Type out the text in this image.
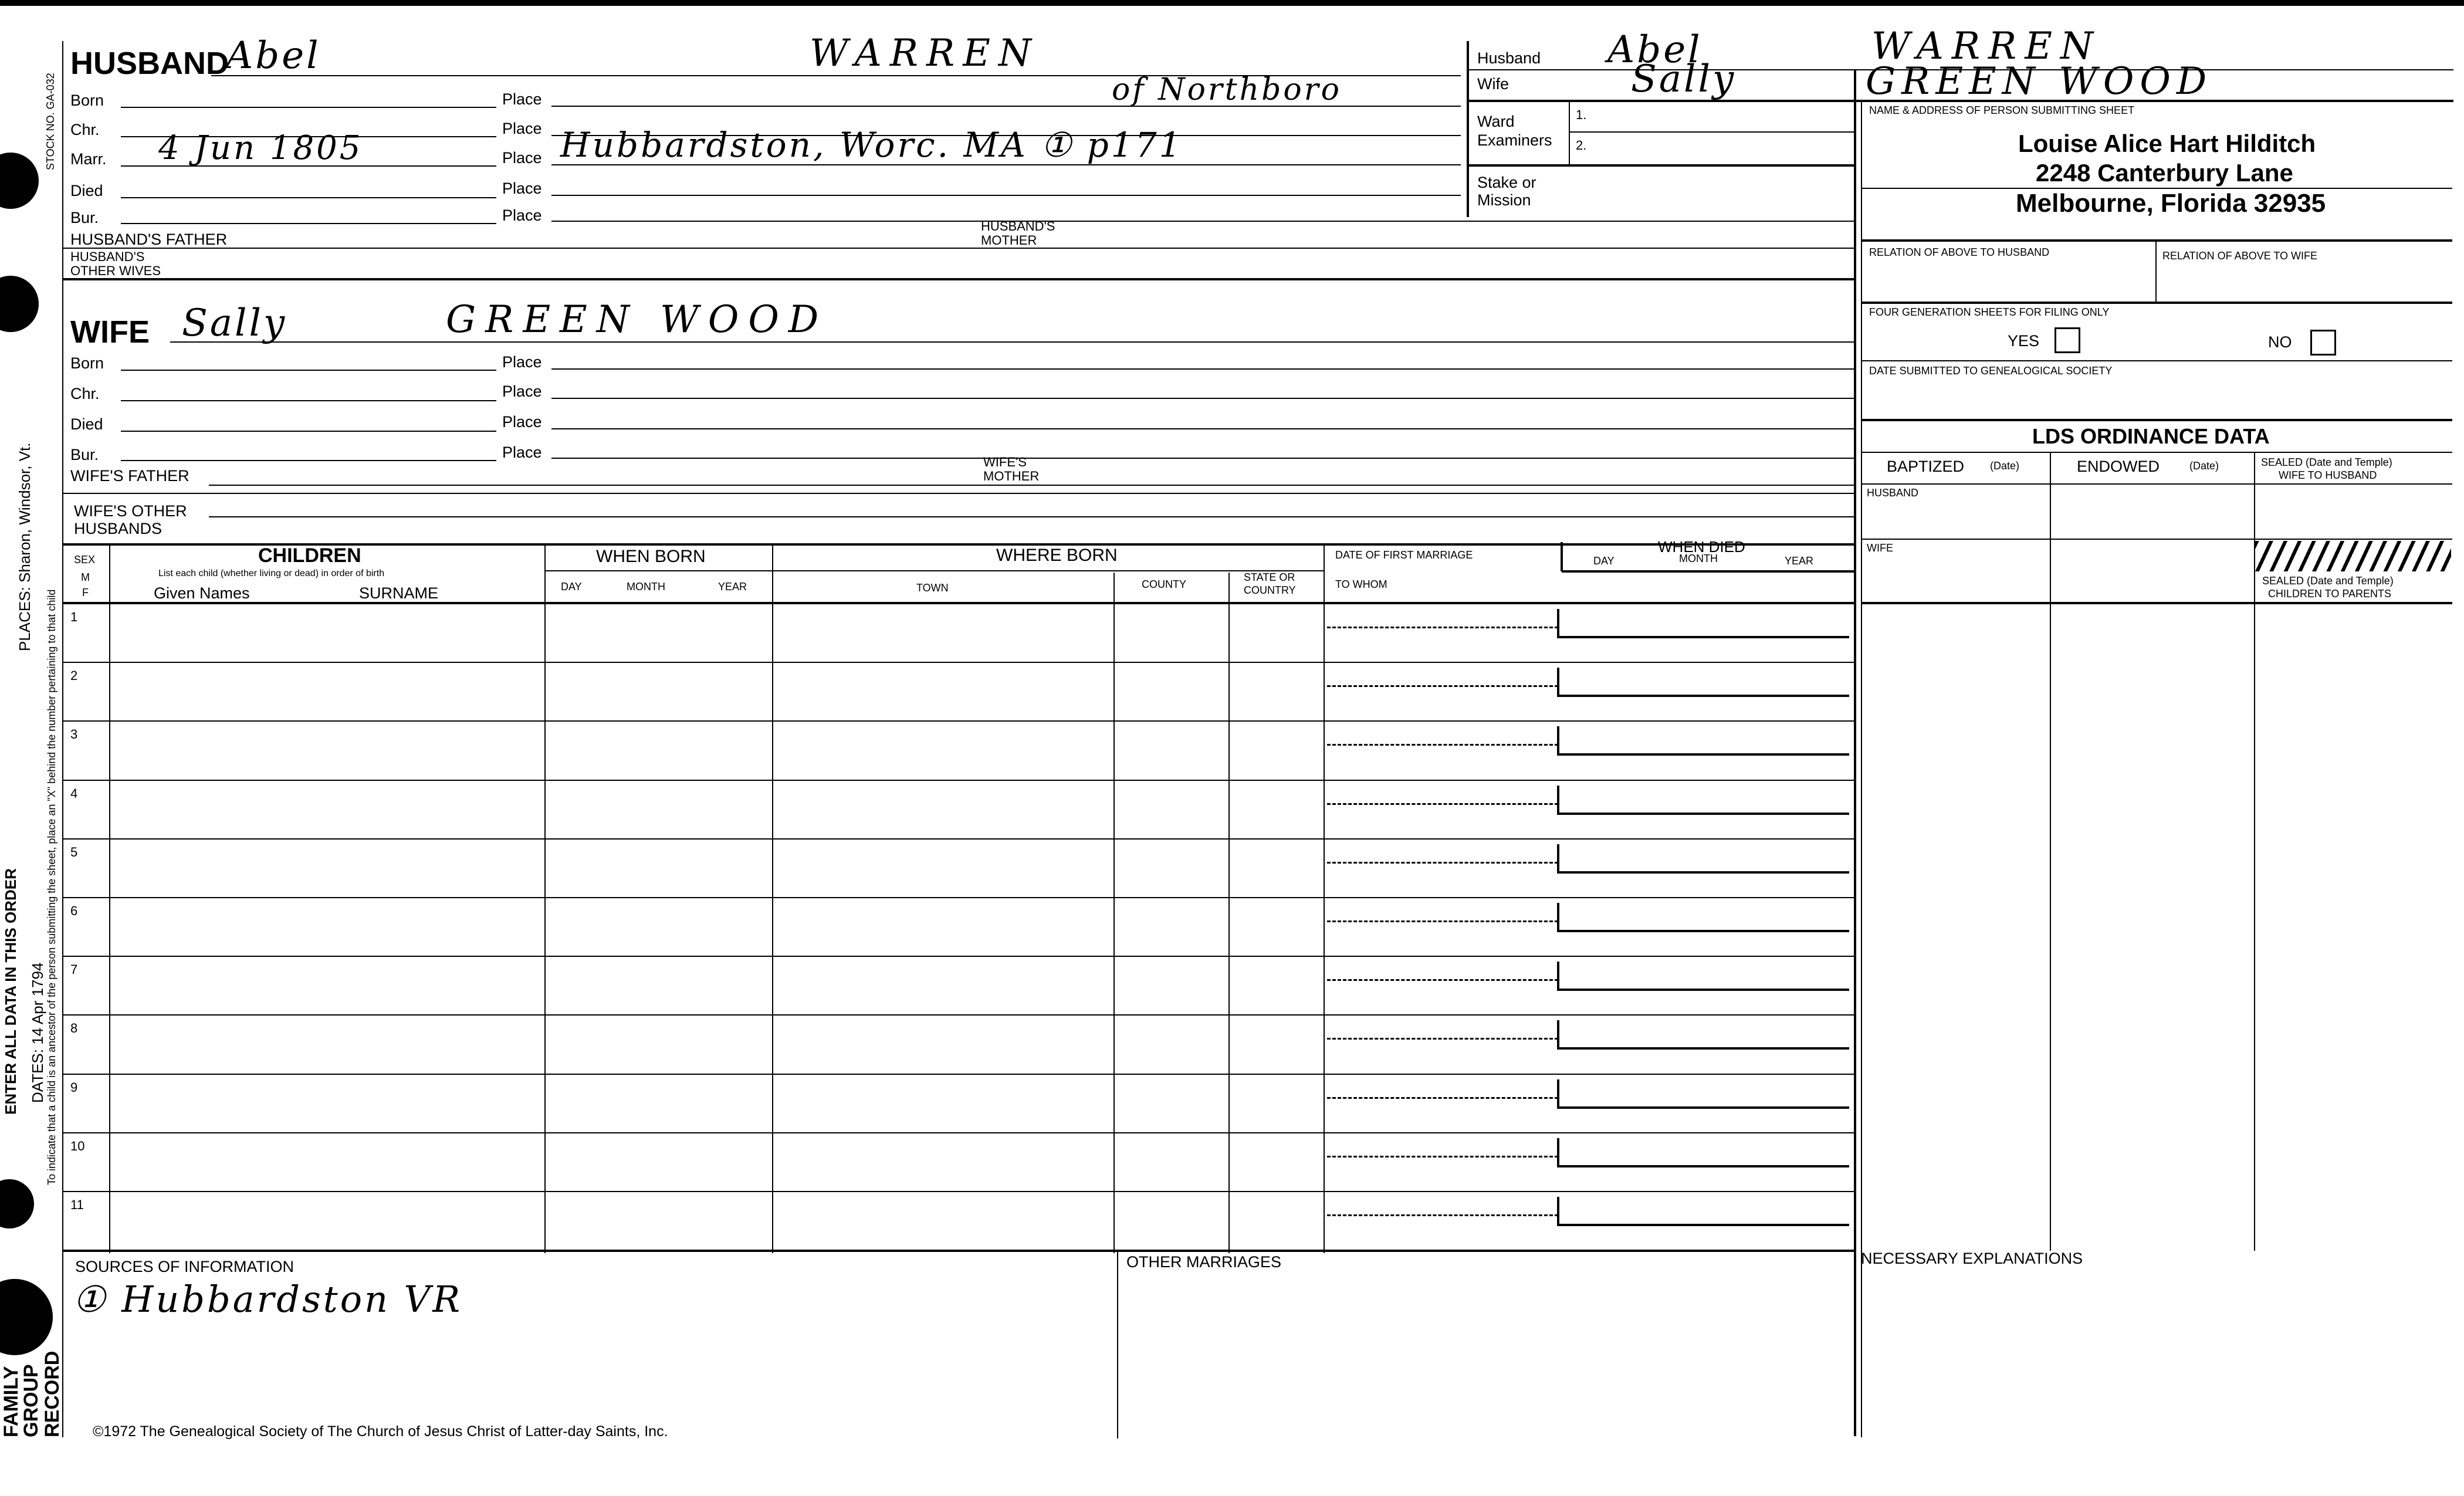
STOCK NO. GA-032
PLACES: Sharon, Windsor, Vt.
DATES: 14 Apr 1794
ENTER ALL DATA IN THIS ORDER	To indicate that a child is an ancestor of the person submitting the sheet, place an "X" behind the number pertaining to that child
FAMILY
GROUP
RECORD
HUSBAND
Abel	WARREN
of Northboro
Born	Place
Chr.	Place
Marr. 4 Jun 1805	Place Hubbardston, Worc. MA ① p171
Died	Place
Bur.	Place
HUSBAND'S FATHER
HUSBAND'S
MOTHER
HUSBAND'S
OTHER WIVES
Husband Abel	WARREN
Wife	Sally	GREEN WOOD
Ward
Examiners
1.
2.
Stake or
Mission
NAME & ADDRESS OF PERSON SUBMITTING SHEET
Louise Alice Hart Hilditch
2248 Canterbury Lane
Melbourne, Florida 32935
RELATION OF ABOVE TO HUSBAND	RELATION OF ABOVE TO WIFE
FOUR GENERATION SHEETS FOR FILING ONLY
YES	NO
DATE SUBMITTED TO GENEALOGICAL SOCIETY
LDS ORDINANCE DATA
BAPTIZED (Date)	ENDOWED	(Date)	SEALED (Date and Temple)
WIFE TO HUSBAND
HUSBAND
WIFE
SEALED (Date and Temple)
CHILDREN TO PARENTS
WIFE Sally	GREEN WOOD
Born	Place
Chr.	Place
Died	Place
Bur.	Place
WIFE'S FATHER
WIFE'S
MOTHER
WIFE'S OTHER
HUSBANDS
SEX
M
F
CHILDREN
List each child (whether living or dead) in order of birth
Given Names	SURNAME
WHEN BORN
DAY	MONTH	YEAR
WHERE BORN
TOWN	COUNTY
STATE OR
COUNTRY
DATE OF FIRST MARRIAGE
TO WHOM
WHEN DIED
DAY	MONTH	YEAR
1
2
3
4
5
6
7
8
9
10
11
SOURCES OF INFORMATION
① Hubbardston VR
OTHER MARRIAGES	NECESSARY EXPLANATIONS
©1972 The Genealogical Society of The Church of Jesus Christ of Latter-day Saints, Inc.
